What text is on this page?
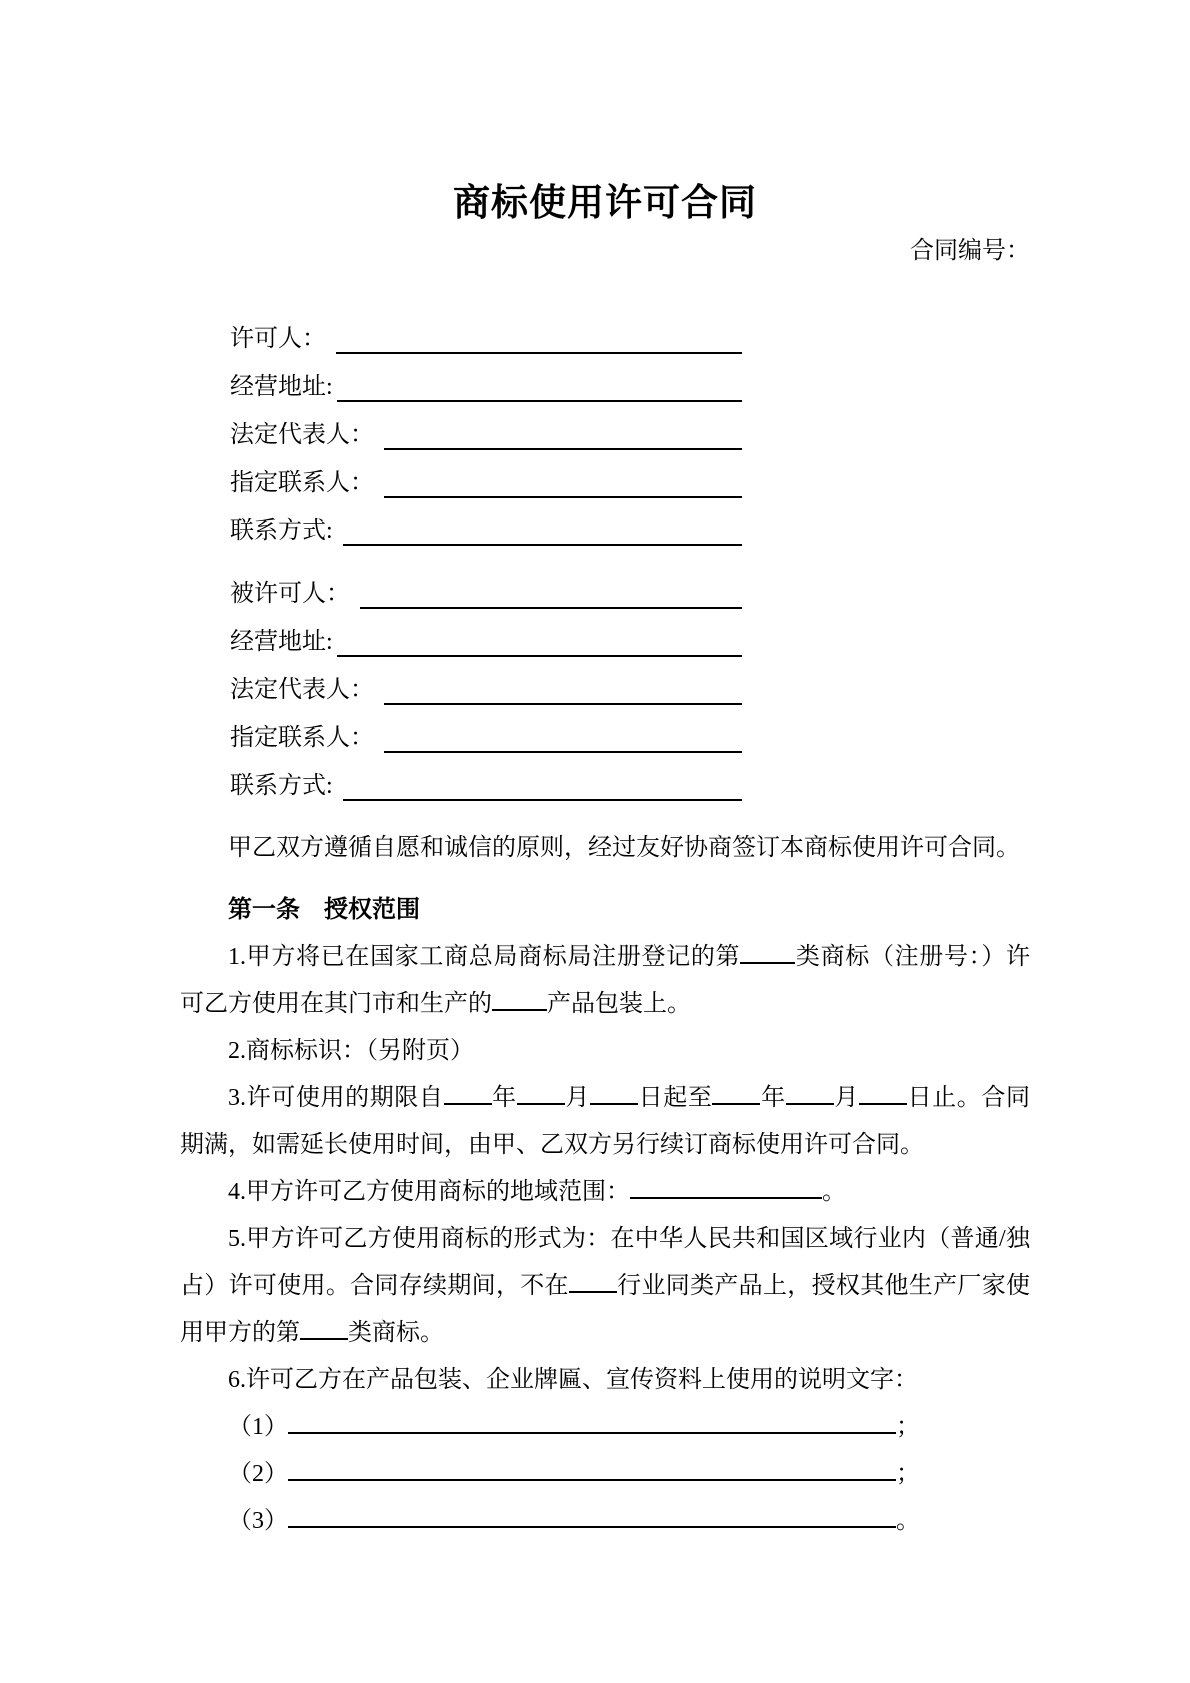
商标使用许可合同
合同编号：
许可人：
经营地址:
法定代表人：
指定联系人：
联系方式:
被许可人：
经营地址:
法定代表人：
指定联系人：
联系方式:

甲乙双方遵循自愿和诚信的原则，经过友好协商签订本商标使用许可合同。

第一条　授权范围

1.甲方将已在国家工商总局商标局注册登记的第 类商标（注册号：）许可乙方使用在其门市和生产的 产品包装上。

2.商标标识：（另附页）

3.许可使用的期限自 年 月 日起至 年 月 日止。合同期满，如需延长使用时间，由甲、乙双方另行续订商标使用许可合同。

4.甲方许可乙方使用商标的地域范围：	。

5.甲方许可乙方使用商标的形式为：在中华人民共和国区域行业内（普通/独占）许可使用。合同存续期间，不在 行业同类产品上，授权其他生产厂家使用甲方的第 类商标。

6.许可乙方在产品包装、企业牌匾、宣传资料上使用的说明文字：

（1）	；

（2）	；

（3）	。
